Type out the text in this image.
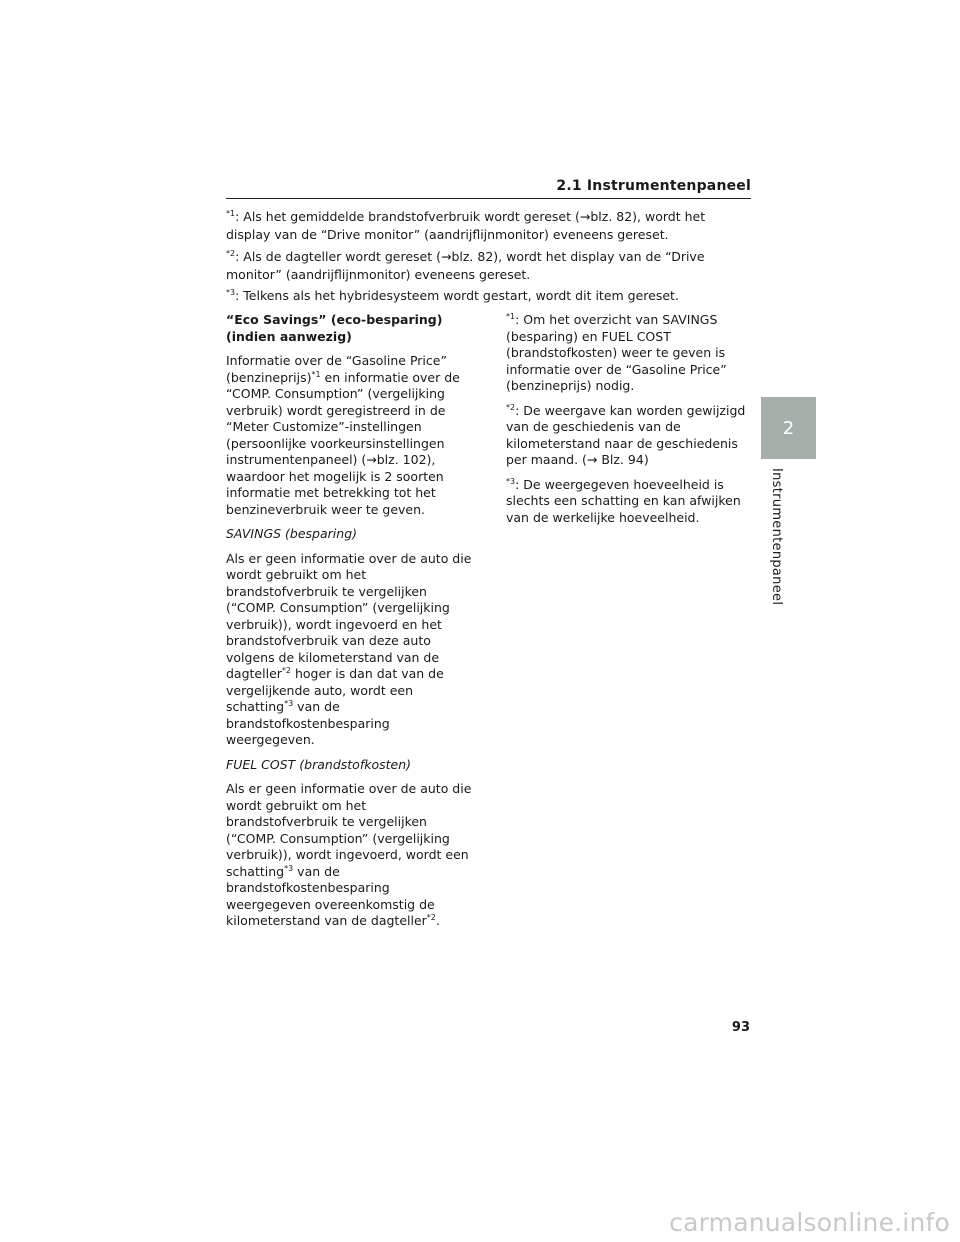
2.1 Instrumentenpaneel

$^{*1}$: Als het gemiddelde brandstofverbruik wordt gereset (→blz. 82), wordt het display van de “Drive monitor” (aandrijflijnmonitor) eveneens gereset.

$^{*2}$: Als de dagteller wordt gereset (→blz. 82), wordt het display van de “Drive monitor” (aandrijflijnmonitor) eveneens gereset.

$^{*3}$: Telkens als het hybridesysteem wordt gestart, wordt dit item gereset.

“Eco Savings” (eco-besparing) (indien aanwezig)

Informatie over de “Gasoline Price” (benzineprijs)$^{*1}$ en informatie over de “COMP. Consumption” (vergelijking verbruik) wordt geregistreerd in de “Meter Customize”-instellingen (persoonlijke voorkeursinstellingen instrumentenpaneel) (→blz. 102), waardoor het mogelijk is 2 soorten informatie met betrekking tot het benzineverbruik weer te geven.

SAVINGS (besparing)

Als er geen informatie over de auto die wordt gebruikt om het brandstofverbruik te vergelijken (“COMP. Consumption” (vergelijking verbruik)), wordt ingevoerd en het brandstofverbruik van deze auto volgens de kilometerstand van de dagteller$^{*2}$ hoger is dan dat van de vergelijkende auto, wordt een schatting$^{*3}$ van de brandstofkostenbesparing weergegeven.

FUEL COST (brandstofkosten)

Als er geen informatie over de auto die wordt gebruikt om het brandstofverbruik te vergelijken (“COMP. Consumption” (vergelijking verbruik)), wordt ingevoerd, wordt een schatting$^{*3}$ van de brandstofkostenbesparing weergegeven overeenkomstig de kilometerstand van de dagteller$^{*2}$.

$^{*1}$: Om het overzicht van SAVINGS (besparing) en FUEL COST (brandstofkosten) weer te geven is informatie over de “Gasoline Price” (benzineprijs) nodig.

$^{*2}$: De weergave kan worden gewijzigd van de geschiedenis van de kilometerstand naar de geschiedenis per maand. (→ Blz. 94)

$^{*3}$: De weergegeven hoeveelheid is slechts een schatting en kan afwijken van de werkelijke hoeveelheid.

2
Instrumentenpaneel
93
carmanualsonline.info
